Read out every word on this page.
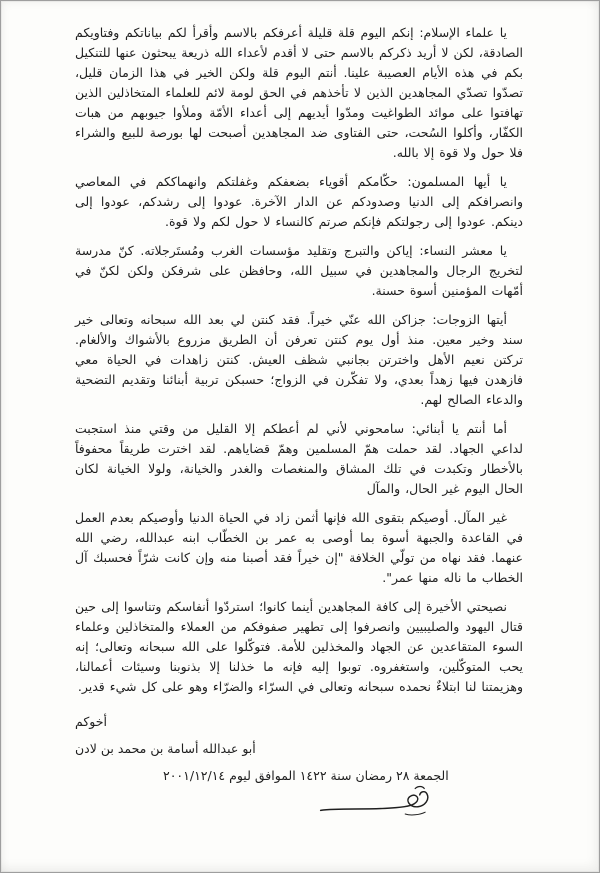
يا علماء الإسلام: إنكم اليوم قلة قليلة أعرفكم بالاسم وأقرأ لكم بياناتكم وفتاويكم الصادقة، لكن لا أريد ذكركم بالاسم حتى لا أقدم لأعداء الله ذريعة يبحثون عنها للتنكيل بكم في هذه الأيام العصيبة علينا. أنتم اليوم قلة ولكن الخير في هذا الزمان قليل، تصدّوا تصدّي المجاهدين الذين لا تأخذهم في الحق لومة لائم للعلماء المتخاذلين الذين تهافتوا على موائد الطواغيت ومدّوا أيديهم إلى أعداء الأمّة وملأوا جيوبهم من هبات الكفّار، وأكلوا السُحت، حتى الفتاوى ضد المجاهدين أصبحت لها بورصة للبيع والشراء فلا حول ولا قوة إلا بالله.

يا أيها المسلمون: حكّامكم أقوياء بضعفكم وغفلتكم وانهماككم في المعاصي وانصرافكم إلى الدنيا وصدودكم عن الدار الآخرة. عودوا إلى رشدكم، عودوا إلى دينكم. عودوا إلى رجولتكم فإنكم صرتم كالنساء لا حول لكم ولا قوة.

يا معشر النساء: إياكن والتبرج وتقليد مؤسسات الغرب ومُستَرجلاته. كنّ مدرسة لتخريج الرجال والمجاهدين في سبيل الله، وحافظن على شرفكن ولكن لكنّ في أمّهات المؤمنين أسوة حسنة.

أيتها الزوجات: جزاكن الله عنّي خيراً. فقد كنتن لي بعد الله سبحانه وتعالى خير سند وخير معين. منذ أول يوم كنتن تعرفن أن الطريق مزروع بالأشواك والألغام. تركتن نعيم الأهل واخترتن بجانبي شظف العيش. كنتن زاهدات في الحياة معي فازهدن فيها زهداً بعدي، ولا تفكّرن في الزواج؛ حسبكن تربية أبنائنا وتقديم التضحية والدعاء الصالح لهم.

أما أنتم يا أبنائي: سامحوني لأني لم أعطكم إلا القليل من وقتي منذ استجبت لداعي الجهاد. لقد حملت همّ المسلمين وهمّ قضاياهم. لقد اخترت طريقاً محفوفاً بالأخطار وتكبدت في تلك المشاق والمنغصات والغدر والخيانة، ولولا الخيانة لكان الحال اليوم غير الحال، والمآل

غير المآل. أوصيكم بتقوى الله فإنها أثمن زاد في الحياة الدنيا وأوصيكم بعدم العمل في القاعدة والجبهة أسوة بما أوصى به عمر بن الخطّاب ابنه عبدالله، رضي الله عنهما. فقد نهاه من تولّي الخلافة "إن خيراً فقد أصبنا منه وإن كانت شرّاً فحسبك آل الخطاب ما ناله منها عمر".

نصيحتي الأخيرة إلى كافة المجاهدين أينما كانوا؛ استردّوا أنفاسكم وتناسوا إلى حين قتال اليهود والصليبيين وانصرفوا إلى تطهير صفوفكم من العملاء والمتخاذلين وعلماء السوء المتقاعدين عن الجهاد والمخذلين للأمة. فتوكّلوا على الله سبحانه وتعالى؛ إنه يحب المتوكّلين، واستغفروه. توبوا إليه فإنه ما خذلنا إلا بذنوبنا وسيئات أعمالنا، وهزيمتنا لنا ابتلاءٌ نحمده سبحانه وتعالى في السرّاء والضرّاء وهو على كل شيء قدير.

أخوكم
أبو عبدالله أسامة بن محمد بن لادن
الجمعة ٢٨ رمضان سنة ١٤٢٢ الموافق ليوم ٢٠٠١/١٢/١٤
